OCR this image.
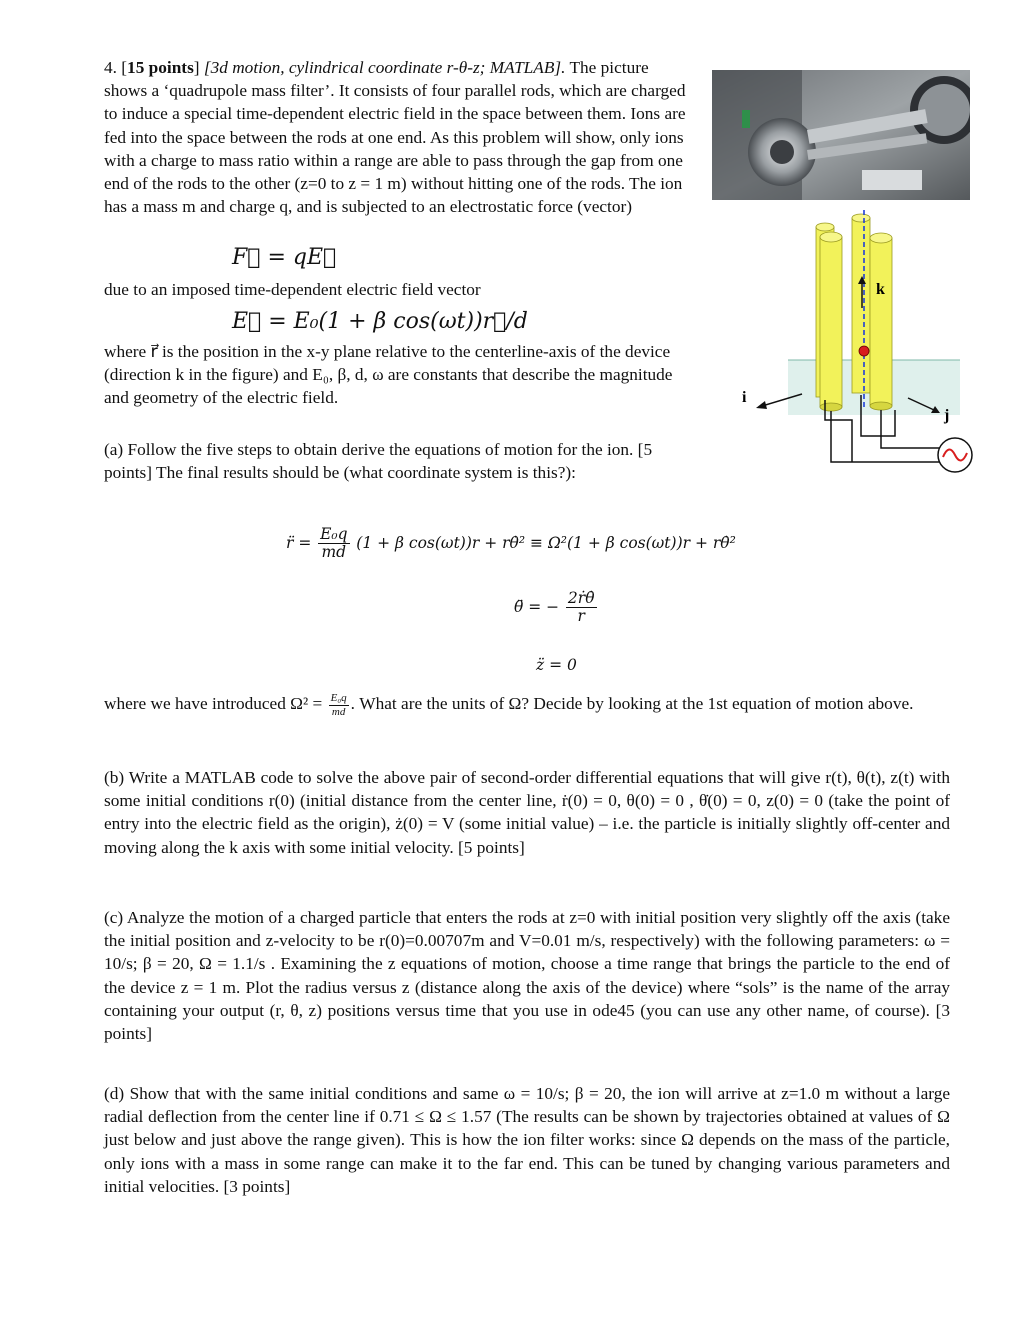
4. [15 points] [3d motion, cylindrical coordinate r-θ-z; MATLAB]. The picture shows a ‘quadrupole mass filter’. It consists of four parallel rods, which are charged to induce a special time-dependent electric field in the space between them. Ions are fed into the space between the rods at one end. As this problem will show, only ions with a charge to mass ratio within a range are able to pass through the gap from one end of the rods to the other (z=0 to z = 1 m) without hitting one of the rods. The ion has a mass m and charge q, and is subjected to an electrostatic force (vector)

F⃗ = qE⃗

due to an imposed time-dependent electric field vector

E⃗ = E₀(1 + β cos(ωt))r⃗/d

where r⃗ is the position in the x-y plane relative to the centerline-axis of the device (direction k in the figure) and E₀, β, d, ω are constants that describe the magnitude and geometry of the electric field.

(a) Follow the five steps to obtain derive the equations of motion for the ion. [5 points] The final results should be (what coordinate system is this?):

r̈ = $\frac{\text{E₀q}}{md} (1 + \beta$ cos(ωt))r + rθ̇² ≡ Ω²(1 + β cos(ωt))r + rθ̇²
θ̈ = − $\frac{\text{2ṙθ̇}}{r}$
z̈ = 0

where we have introduced $\Omega^2 = \frac{\text{E₀q}}{md}$ . What are the units of Ω? Decide by looking at the 1st equation of motion above.

(b) Write a MATLAB code to solve the above pair of second-order differential equations that will give r(t), θ(t), z(t) with some initial conditions r(0) (initial distance from the center line, ṙ(0) = 0, θ(0) = 0 , θ̇(0) = 0, z(0) = 0 (take the point of entry into the electric field as the origin), ż(0) = V (some initial value) – i.e. the particle is initially slightly off-center and moving along the k axis with some initial velocity. [5 points]

(c) Analyze the motion of a charged particle that enters the rods at z=0 with initial position very slightly off the axis (take the initial position and z-velocity to be r(0)=0.00707m and V=0.01 m/s, respectively) with the following parameters: ω = 10/s; β = 20, Ω = 1.1/s . Examining the z equations of motion, choose a time range that brings the particle to the end of the device z = 1 m. Plot the radius versus z (distance along the axis of the device) where “sols” is the name of the array containing your output (r, θ, z) positions versus time that you use in ode45 (you can use any other name, of course). [3 points]

(d) Show that with the same initial conditions and same ω = 10/s; β = 20, the ion will arrive at z=1.0 m without a large radial deflection from the center line if 0.71 ≤ Ω ≤ 1.57 (The results can be shown by trajectories obtained at values of Ω just below and just above the range given). This is how the ion filter works: since Ω depends on the mass of the particle, only ions with a mass in some range can make it to the far end. This can be tuned by changing various parameters and initial velocities. [3 points]

k
i
j
